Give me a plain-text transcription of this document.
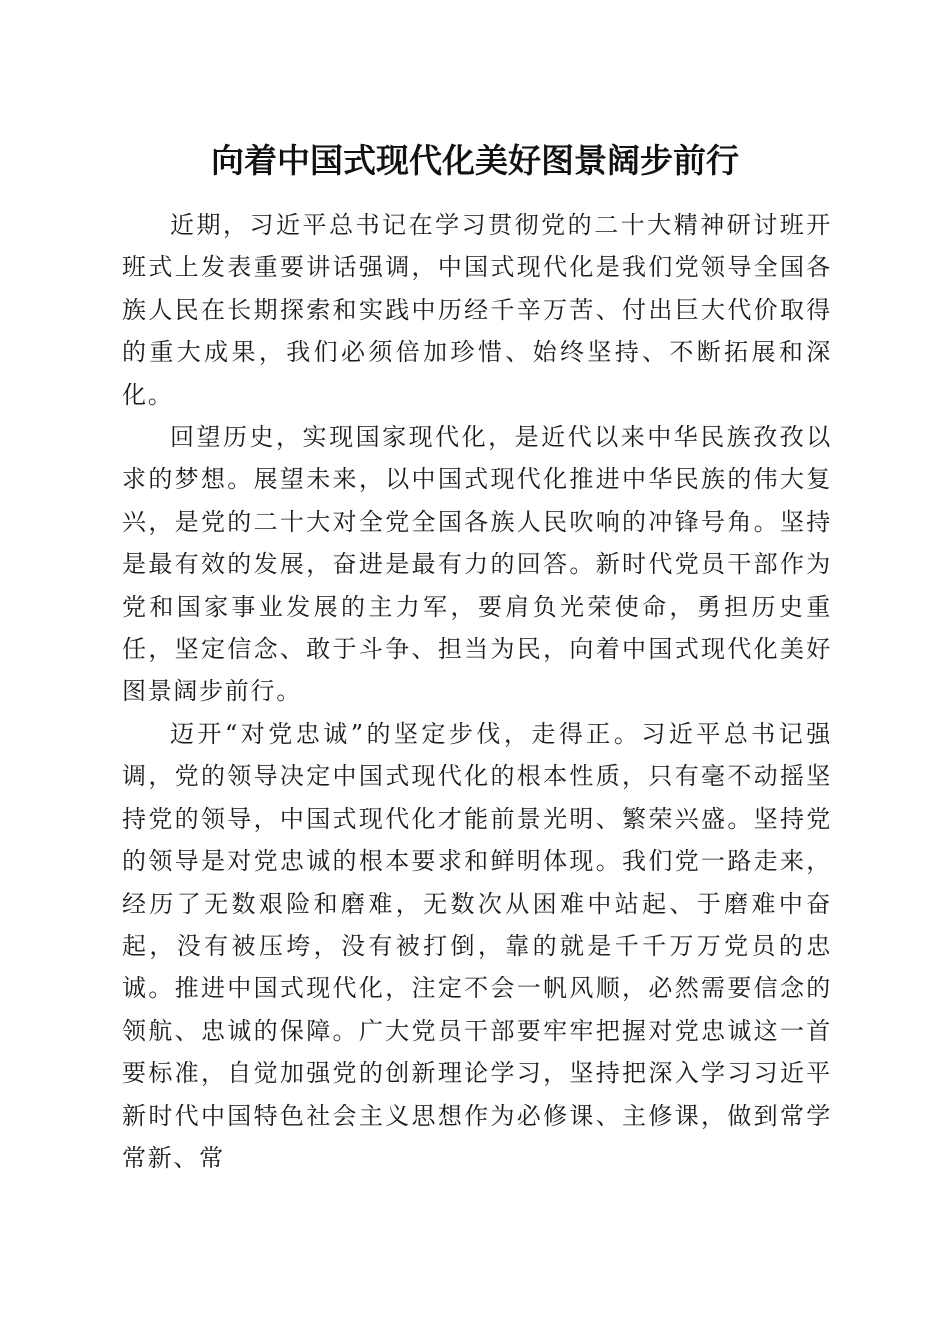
向着中国式现代化美好图景阔步前行

近期，习近平总书记在学习贯彻党的二十大精神研讨班开班式上发表重要讲话强调，中国式现代化是我们党领导全国各族人民在长期探索和实践中历经千辛万苦、付出巨大代价取得的重大成果，我们必须倍加珍惜、始终坚持、不断拓展和深化。

回望历史，实现国家现代化，是近代以来中华民族孜孜以求的梦想。展望未来，以中国式现代化推进中华民族的伟大复兴，是党的二十大对全党全国各族人民吹响的冲锋号角。坚持是最有效的发展，奋进是最有力的回答。新时代党员干部作为党和国家事业发展的主力军，要肩负光荣使命，勇担历史重任，坚定信念、敢于斗争、担当为民，向着中国式现代化美好图景阔步前行。

迈开“对党忠诚”的坚定步伐，走得正。习近平总书记强调，党的领导决定中国式现代化的根本性质，只有毫不动摇坚持党的领导，中国式现代化才能前景光明、繁荣兴盛。坚持党的领导是对党忠诚的根本要求和鲜明体现。我们党一路走来，经历了无数艰险和磨难，无数次从困难中站起、于磨难中奋起，没有被压垮，没有被打倒，靠的就是千千万万党员的忠诚。推进中国式现代化，注定不会一帆风顺，必然需要信念的领航、忠诚的保障。广大党员干部要牢牢把握对党忠诚这一首要标准，自觉加强党的创新理论学习，坚持把深入学习习近平新时代中国特色社会主义思想作为必修课、主修课，做到常学常新、常
